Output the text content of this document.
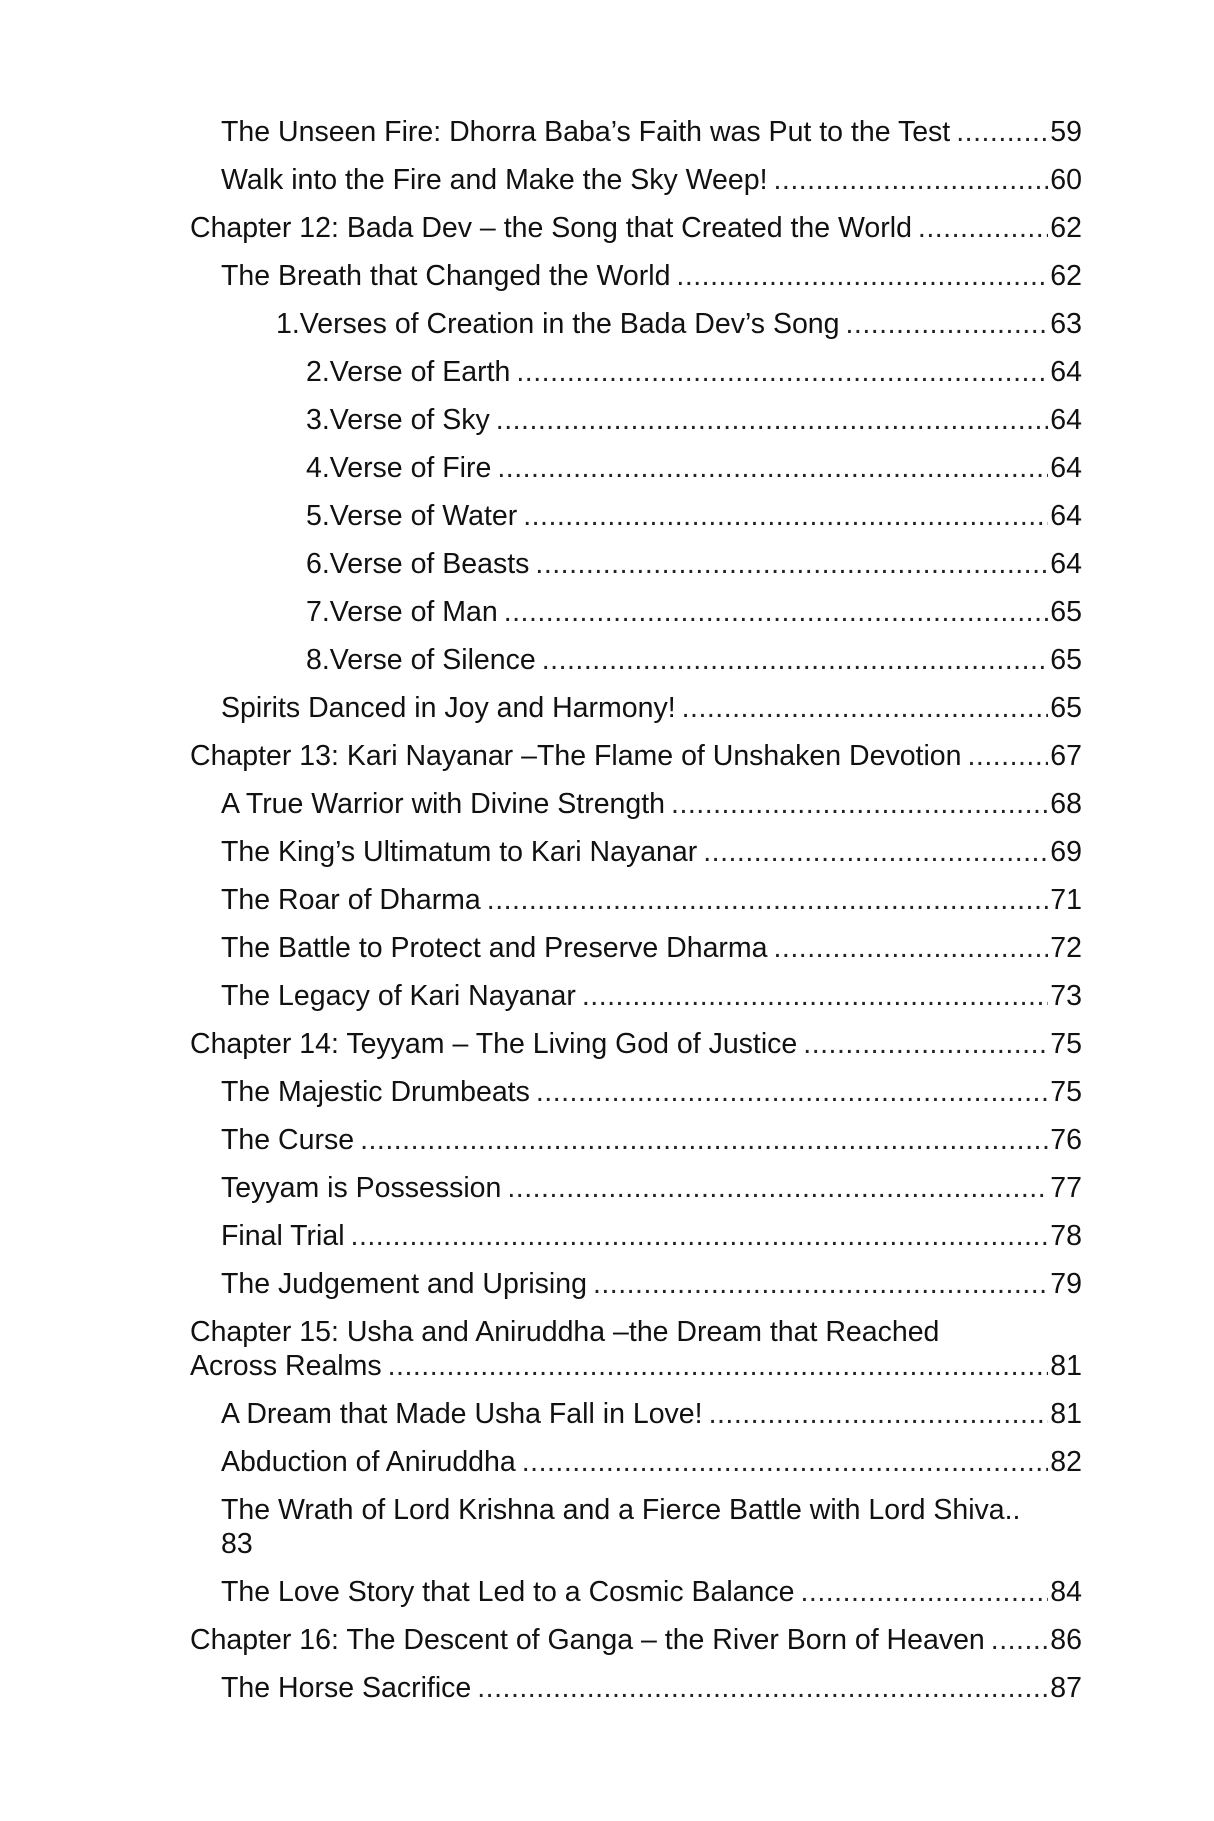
The Unseen Fire: Dhorra Baba’s Faith was Put to the Test .....	59
Walk into the Fire and Make the Sky Weep! .....	60
Chapter 12: Bada Dev – the Song that Created the World .....	62
The Breath that Changed the World .....	62
1. Verses of Creation in the Bada Dev’s Song .....	63
2. Verse of Earth .....	64
3. Verse of Sky .....	64
4. Verse of Fire .....	64
5. Verse of Water .....	64
6. Verse of Beasts .....	64
7. Verse of Man .....	65
8. Verse of Silence .....	65
Spirits Danced in Joy and Harmony! .....	65
Chapter 13: Kari Nayanar –The Flame of Unshaken Devotion .....	67
A True Warrior with Divine Strength .....	68
The King’s Ultimatum to Kari Nayanar .....	69
The Roar of Dharma .....	71
The Battle to Protect and Preserve Dharma .....	72
The Legacy of Kari Nayanar .....	73
Chapter 14: Teyyam – The Living God of Justice .....	75
The Majestic Drumbeats .....	75
The Curse .....	76
Teyyam is Possession .....	77
Final Trial .....	78
The Judgement and Uprising .....	79
Chapter 15: Usha and Aniruddha –the Dream that Reached
Across Realms .....	81
A Dream that Made Usha Fall in Love! .....	81
Abduction of Aniruddha .....	82
The Wrath of Lord Krishna and a Fierce Battle with Lord Shiva..
83
The Love Story that Led to a Cosmic Balance .....	84
Chapter 16: The Descent of Ganga – the River Born of Heaven ..... 86
The Horse Sacrifice .....	87
